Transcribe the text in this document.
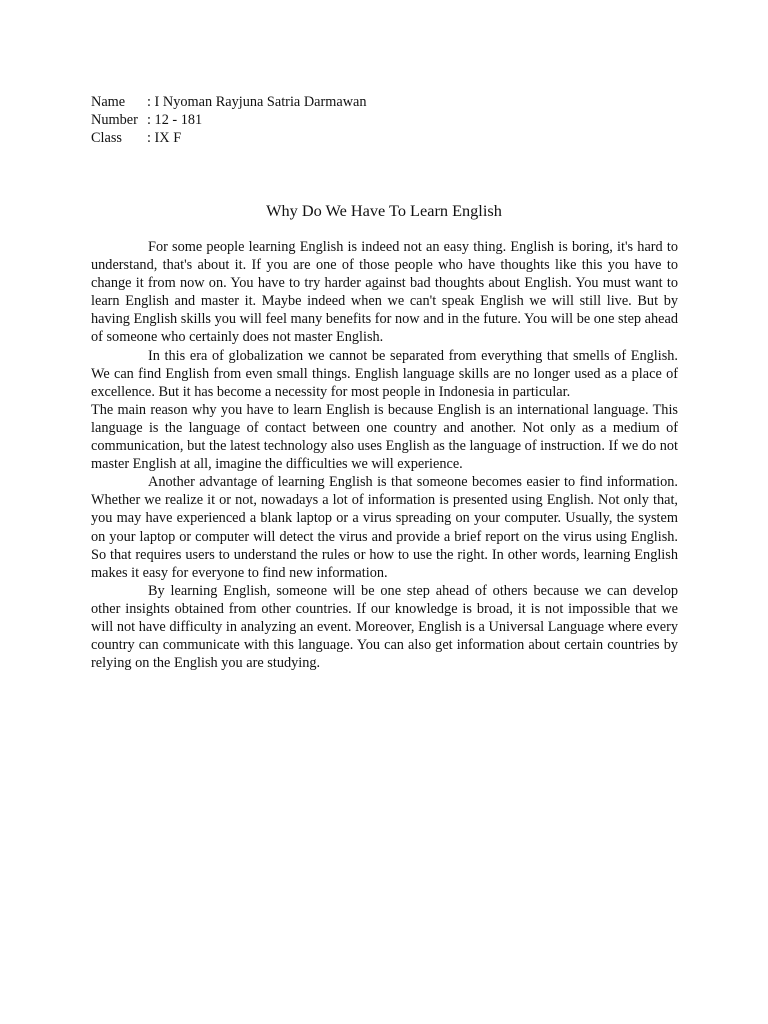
Name	: I Nyoman Rayjuna Satria Darmawan
Number : 12 - 181
Class	: IX F
Why Do We Have To Learn English

For some people learning English is indeed not an easy thing. English is boring, it's hard to understand, that's about it. If you are one of those people who have thoughts like this you have to change it from now on. You have to try harder against bad thoughts about English. You must want to learn English and master it. Maybe indeed when we can't speak English we will still live. But by having English skills you will feel many benefits for now and in the future. You will be one step ahead of someone who certainly does not master English.

In this era of globalization we cannot be separated from everything that smells of English. We can find English from even small things. English language skills are no longer used as a place of excellence. But it has become a necessity for most people in Indonesia in particular.

The main reason why you have to learn English is because English is an international language. This language is the language of contact between one country and another. Not only as a medium of communication, but the latest technology also uses English as the language of instruction. If we do not master English at all, imagine the difficulties we will experience.

Another advantage of learning English is that someone becomes easier to find information. Whether we realize it or not, nowadays a lot of information is presented using English. Not only that, you may have experienced a blank laptop or a virus spreading on your computer. Usually, the system on your laptop or computer will detect the virus and provide a brief report on the virus using English. So that requires users to understand the rules or how to use the right. In other words, learning English makes it easy for everyone to find new information.

By learning English, someone will be one step ahead of others because we can develop other insights obtained from other countries. If our knowledge is broad, it is not impossible that we will not have difficulty in analyzing an event. Moreover, English is a Universal Language where every country can communicate with this language. You can also get information about certain countries by relying on the English you are studying.
